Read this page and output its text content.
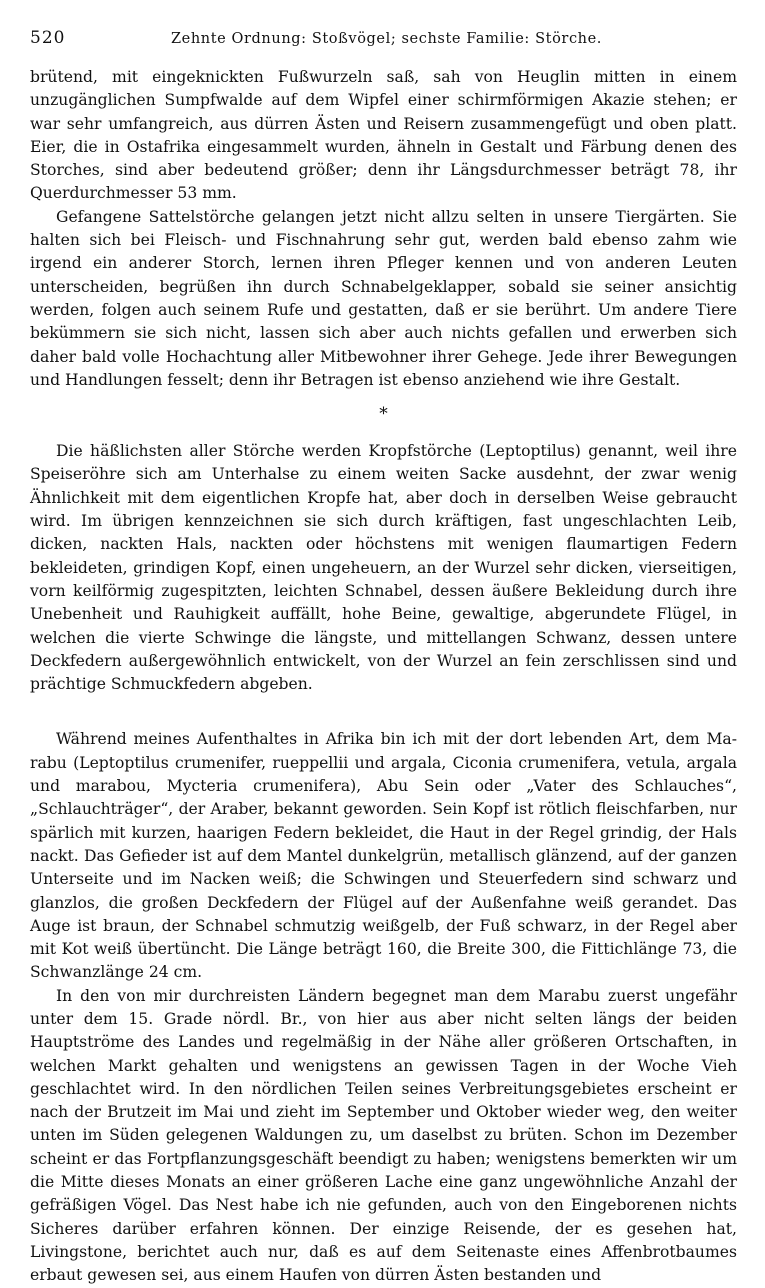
520	Zehnte Ordnung: Stoßvögel; sechste Familie: Störche.

brütend, mit eingeknickten Fußwurzeln saß, sah von Heuglin mitten in einem unzugänglichen Sumpfwalde auf dem Wipfel einer schirmförmigen Akazie stehen; er war sehr umfangreich, aus dürren Ästen und Reisern zusammengefügt und oben platt. Eier, die in Ostafrika eingesammelt wurden, ähneln in Gestalt und Färbung denen des Storches, sind aber bedeutend größer; denn ihr Längsdurchmesser beträgt 78, ihr Querdurchmesser 53 mm.

Gefangene Sattelstörche gelangen jetzt nicht allzu selten in unsere Tiergärten. Sie halten sich bei Fleisch- und Fischnahrung sehr gut, werden bald ebenso zahm wie irgend ein anderer Storch, lernen ihren Pfleger kennen und von anderen Leuten unterscheiden, begrüßen ihn durch Schnabelgeklapper, sobald sie seiner ansichtig werden, folgen auch seinem Rufe und gestatten, daß er sie berührt. Um andere Tiere bekümmern sie sich nicht, lassen sich aber auch nichts gefallen und erwerben sich daher bald volle Hochachtung aller Mitbewohner ihrer Gehege. Jede ihrer Bewegungen und Handlungen fesselt; denn ihr Betragen ist ebenso anziehend wie ihre Gestalt.

*

Die häßlichsten aller Störche werden Kropfstörche (Leptoptilus) genannt, weil ihre Speiseröhre sich am Unterhalse zu einem weiten Sacke ausdehnt, der zwar wenig Ähnlichkeit mit dem eigentlichen Kropfe hat, aber doch in derselben Weise gebraucht wird. Im übrigen kennzeichnen sie sich durch kräftigen, fast ungeschlachten Leib, dicken, nackten Hals, nackten oder höchstens mit wenigen flaumartigen Federn bekleideten, grindigen Kopf, einen ungeheuern, an der Wurzel sehr dicken, vierseitigen, vorn keilförmig zugespitzten, leichten Schnabel, dessen äußere Bekleidung durch ihre Unebenheit und Rauhigkeit auffällt, hohe Beine, gewaltige, abgerundete Flügel, in welchen die vierte Schwinge die längste, und mittellangen Schwanz, dessen untere Deckfedern außergewöhnlich entwickelt, von der Wurzel an fein zerschlissen sind und prächtige Schmuckfedern abgeben.

Während meines Aufenthaltes in Afrika bin ich mit der dort lebenden Art, dem Marabu (Leptoptilus crumenifer, rueppellii und argala, Ciconia crumenifera, vetula, argala und marabou, Mycteria crumenifera), Abu Sein oder „Vater des Schlauches“, „Schlauchträger“, der Araber, bekannt geworden. Sein Kopf ist rötlich fleischfarben, nur spärlich mit kurzen, haarigen Federn bekleidet, die Haut in der Regel grindig, der Hals nackt. Das Gefieder ist auf dem Mantel dunkelgrün, metallisch glänzend, auf der ganzen Unterseite und im Nacken weiß; die Schwingen und Steuerfedern sind schwarz und glanzlos, die großen Deckfedern der Flügel auf der Außenfahne weiß gerandet. Das Auge ist braun, der Schnabel schmutzig weißgelb, der Fuß schwarz, in der Regel aber mit Kot weiß übertüncht. Die Länge beträgt 160, die Breite 300, die Fittichlänge 73, die Schwanzlänge 24 cm.

In den von mir durchreisten Ländern begegnet man dem Marabu zuerst ungefähr unter dem 15. Grade nördl. Br., von hier aus aber nicht selten längs der beiden Hauptströme des Landes und regelmäßig in der Nähe aller größeren Ortschaften, in welchen Markt gehalten und wenigstens an gewissen Tagen in der Woche Vieh geschlachtet wird. In den nördlichen Teilen seines Verbreitungsgebietes erscheint er nach der Brutzeit im Mai und zieht im September und Oktober wieder weg, den weiter unten im Süden gelegenen Waldungen zu, um daselbst zu brüten. Schon im Dezember scheint er das Fortpflanzungsgeschäft beendigt zu haben; wenigstens bemerkten wir um die Mitte dieses Monats an einer größeren Lache eine ganz ungewöhnliche Anzahl der gefräßigen Vögel. Das Nest habe ich nie gefunden, auch von den Eingeborenen nichts Sicheres darüber erfahren können. Der einzige Reisende, der es gesehen hat, Livingstone, berichtet auch nur, daß es auf dem Seitenaste eines Affenbrotbaumes erbaut gewesen sei, aus einem Haufen von dürren Ästen bestanden und
